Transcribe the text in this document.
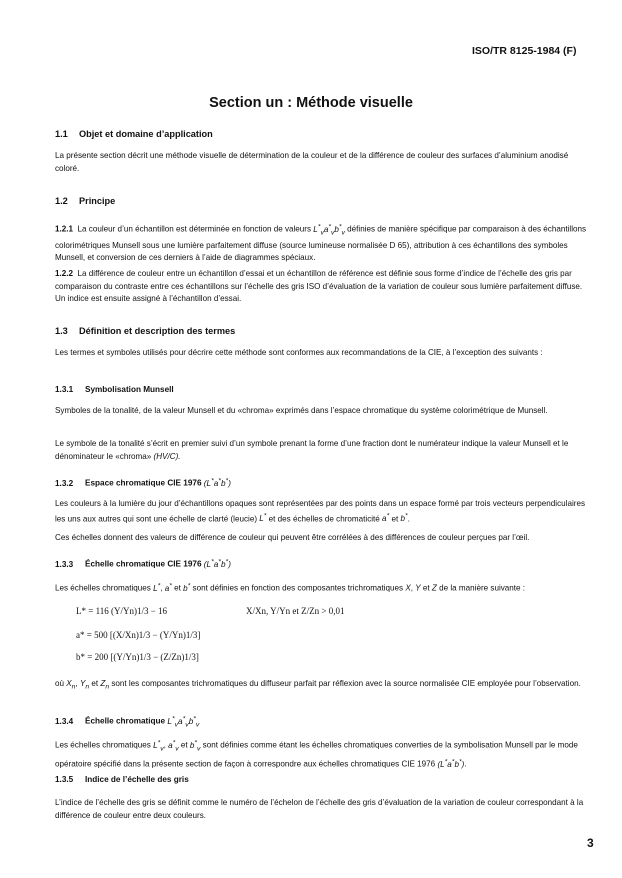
ISO/TR 8125-1984 (F)
Section un : Méthode visuelle
1.1 Objet et domaine d’application

La présente section décrit une méthode visuelle de détermination de la couleur et de la différence de couleur des surfaces d’aluminium anodisé coloré.

1.2 Principe

1.2.1 La couleur d’un échantillon est déterminée en fonction de valeurs $L^*_va^*_vb^*_v$ définies de manière spécifique par comparaison à des échantillons colorimétriques Munsell sous une lumière parfaitement diffuse (source lumineuse normalisée D 65), attribution à ces échantillons des symboles Munsell, et conversion de ces derniers à l’aide de diagrammes spéciaux.

1.2.2 La différence de couleur entre un échantillon d’essai et un échantillon de référence est définie sous forme d’indice de l’échelle des gris par comparaison du contraste entre ces échantillons sur l’échelle des gris ISO d’évaluation de la variation de couleur sous lumière parfaitement diffuse. Un indice est ensuite assigné à l’échantillon d’essai.

1.3 Définition et description des termes

Les termes et symboles utilisés pour décrire cette méthode sont conformes aux recommandations de la CIE, à l’exception des suivants :

1.3.1 Symbolisation Munsell

Symboles de la tonalité, de la valeur Munsell et du «chroma» exprimés dans l’espace chromatique du système colorimétrique de Munsell.

Le symbole de la tonalité s’écrit en premier suivi d’un symbole prenant la forme d’une fraction dont le numérateur indique la valeur Munsell et le dénominateur le «chroma» (HV/C).

1.3.2 Espace chromatique CIE 1976 (L*a*b*)

Les couleurs à la lumière du jour d’échantillons opaques sont représentées par des points dans un espace formé par trois vecteurs perpendiculaires les uns aux autres qui sont une échelle de clarté (leucie) L* et des échelles de chromaticité a* et b*.

Ces échelles donnent des valeurs de différence de couleur qui peuvent être corrélées à des différences de couleur perçues par l’œil.

1.3.3 Échelle chromatique CIE 1976 (L*a*b*)

Les échelles chromatiques L*, a* et b* sont définies en fonction des composantes trichromatiques X, Y et Z de la manière suivante :

L* = 116 (Y/Yn)1/3 − 16	X/Xn, Y/Yn et Z/Zn > 0,01
a* = 500 [(X/Xn)1/3 − (Y/Yn)1/3]
b* = 200 [(Y/Yn)1/3 − (Z/Zn)1/3]

où $X_n$, $Y_n$ et $Z_n$ sont les composantes trichromatiques du diffuseur parfait par réflexion avec la source normalisée CIE employée pour l’observation.

1.3.4 Échelle chromatique $L^*_va^*_vb^*_v$

Les échelles chromatiques $L^*_v$, $a^*_v$ et $b^*_v$ sont définies comme étant les échelles chromatiques converties de la symbolisation Munsell par le mode opératoire spécifié dans la présente section de façon à correspondre aux échelles chromatiques CIE 1976 (L*a*b*).

1.3.5 Indice de l’échelle des gris

L’indice de l’échelle des gris se définit comme le numéro de l’échelon de l’échelle des gris d’évaluation de la variation de couleur correspondant à la différence de couleur entre deux couleurs.

3
